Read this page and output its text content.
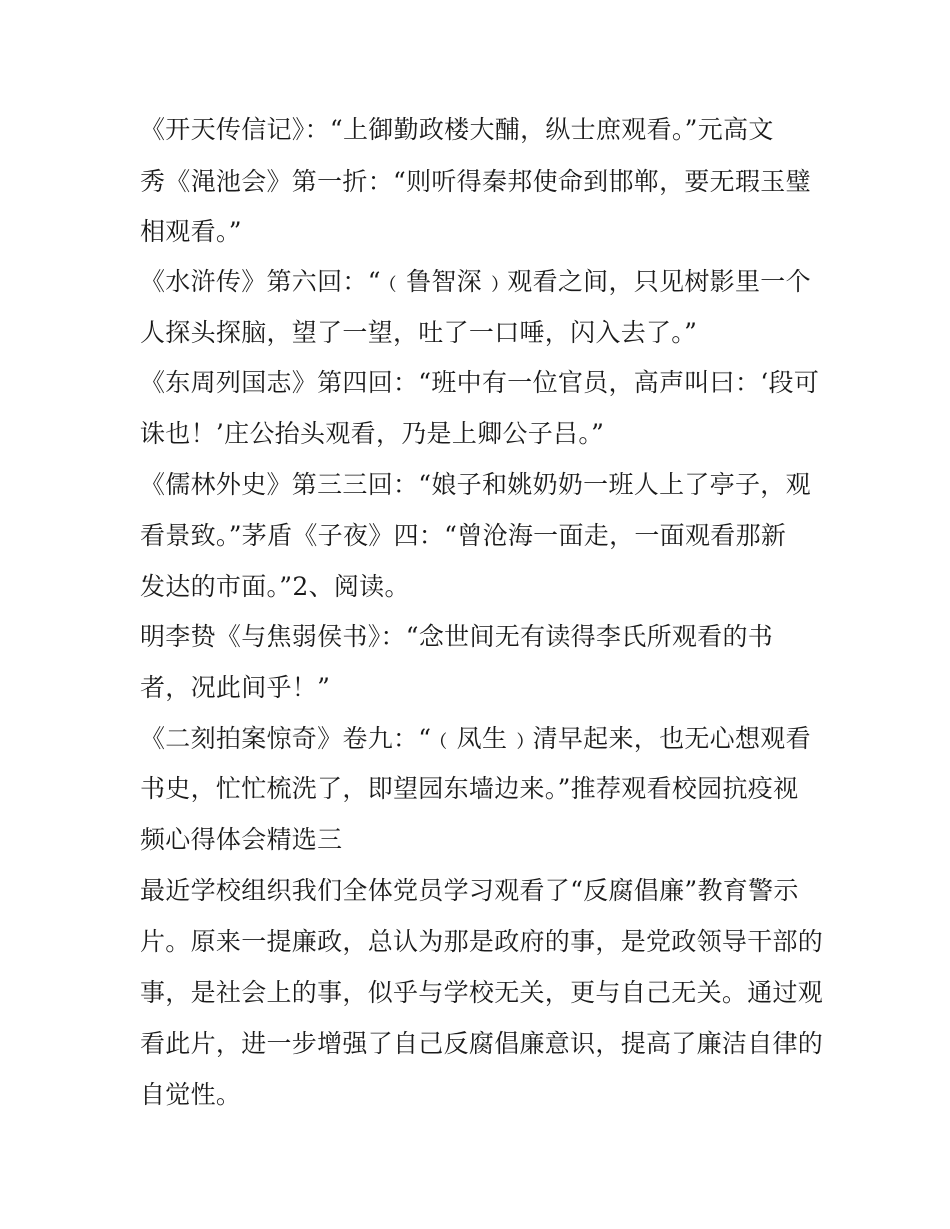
《开天传信记》：“上御勤政楼大酺，纵士庶观看。”元高文

秀《渑池会》第一折：“则听得秦邦使命到邯郸，要无瑕玉璧

相观看。”

《水浒传》第六回：“﹙鲁智深﹚观看之间，只见树影里一个

人探头探脑，望了一望，吐了一口唾，闪入去了。”

《东周列国志》第四回：“班中有一位官员，高声叫曰：‘段可

诛也！’庄公抬头观看，乃是上卿公子吕。”

《儒林外史》第三三回：“娘子和姚奶奶一班人上了亭子，观

看景致。”茅盾《子夜》四：“曾沧海一面走，一面观看那新

发达的市面。”2、阅读。

明李贽《与焦弱侯书》：“念世间无有读得李氏所观看的书

者，况此间乎！”

《二刻拍案惊奇》卷九：“﹙凤生﹚清早起来，也无心想观看

书史，忙忙梳洗了，即望园东墙边来。”推荐观看校园抗疫视

频心得体会精选三

最近学校组织我们全体党员学习观看了“反腐倡廉”教育警示

片。原来一提廉政，总认为那是政府的事，是党政领导干部的

事，是社会上的事，似乎与学校无关，更与自己无关。通过观

看此片，进一步增强了自己反腐倡廉意识，提高了廉洁自律的

自觉性。
